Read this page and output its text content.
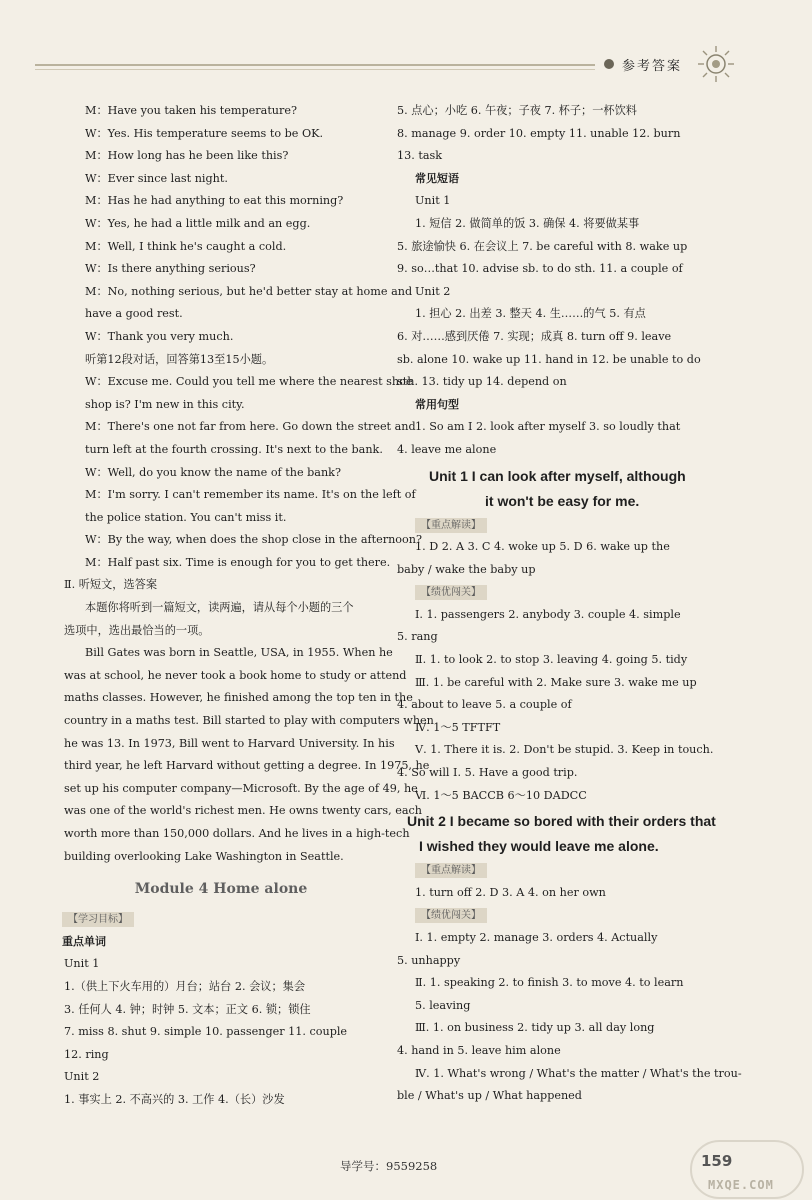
参考答案
M：Have you taken his temperature?
W：Yes. His temperature seems to be OK.
M：How long has he been like this?
W：Ever since last night.
M：Has he had anything to eat this morning?
W：Yes, he had a little milk and an egg.
M：Well, I think he's caught a cold.
W：Is there anything serious?
M：No, nothing serious, but he'd better stay at home and
have a good rest.
W：Thank you very much.
听第12段对话，回答第13至15小题。
W：Excuse me. Could you tell me where the nearest shoe
shop is? I'm new in this city.
M：There's one not far from here. Go down the street and
turn left at the fourth crossing. It's next to the bank.
W：Well, do you know the name of the bank?
M：I'm sorry. I can't remember its name. It's on the left of
the police station. You can't miss it.
W：By the way, when does the shop close in the afternoon?
M：Half past six. Time is enough for you to get there.
Ⅱ. 听短文，选答案
本题你将听到一篇短文，读两遍，请从每个小题的三个
选项中，选出最恰当的一项。
Bill Gates was born in Seattle, USA, in 1955. When he
was at school, he never took a book home to study or attend
maths classes. However, he finished among the top ten in the
country in a maths test. Bill started to play with computers when
he was 13. In 1973, Bill went to Harvard University. In his
third year, he left Harvard without getting a degree. In 1975, he
set up his computer company—Microsoft. By the age of 49, he
was one of the world's richest men. He owns twenty cars, each
worth more than 150,000 dollars. And he lives in a high-tech
building overlooking Lake Washington in Seattle.
Module 4 Home alone
【学习目标】
重点单词
Unit 1
1.（供上下火车用的）月台；站台 2. 会议；集会
3. 任何人 4. 钟；时钟 5. 文本；正文 6. 锁；锁住
7. miss 8. shut 9. simple 10. passenger 11. couple
12. ring
Unit 2
1. 事实上 2. 不高兴的 3. 工作 4.（长）沙发
5. 点心；小吃 6. 午夜；子夜 7. 杯子；一杯饮料
8. manage 9. order 10. empty 11. unable 12. burn
13. task
常见短语
Unit 1
1. 短信 2. 做简单的饭 3. 确保 4. 将要做某事
5. 旅途愉快 6. 在会议上 7. be careful with 8. wake up
9. so…that 10. advise sb. to do sth. 11. a couple of
Unit 2
1. 担心 2. 出差 3. 整天 4. 生……的气 5. 有点
6. 对……感到厌倦 7. 实现；成真 8. turn off 9. leave
sb. alone 10. wake up 11. hand in 12. be unable to do
sth. 13. tidy up 14. depend on
常用句型
1. So am I 2. look after myself 3. so loudly that
4. leave me alone
Unit 1 I can look after myself, although
it won't be easy for me.
【重点解读】
1. D 2. A 3. C 4. woke up 5. D 6. wake up the
baby / wake the baby up
【绩优闯关】
Ⅰ. 1. passengers 2. anybody 3. couple 4. simple
5. rang
Ⅱ. 1. to look 2. to stop 3. leaving 4. going 5. tidy
Ⅲ. 1. be careful with 2. Make sure 3. wake me up
4. about to leave 5. a couple of
Ⅳ. 1～5 TFTFT
Ⅴ. 1. There it is. 2. Don't be stupid. 3. Keep in touch.
4. So will I. 5. Have a good trip.
Ⅵ. 1～5 BACCB 6～10 DADCC
Unit 2 I became so bored with their orders that
I wished they would leave me alone.
【重点解读】
1. turn off 2. D 3. A 4. on her own
【绩优闯关】
Ⅰ. 1. empty 2. manage 3. orders 4. Actually
5. unhappy
Ⅱ. 1. speaking 2. to finish 3. to move 4. to learn
5. leaving
Ⅲ. 1. on business 2. tidy up 3. all day long
4. hand in 5. leave him alone
Ⅳ. 1. What's wrong / What's the matter / What's the trou-
ble / What's up / What happened
导学号：9559258	159
MXQE.COM
